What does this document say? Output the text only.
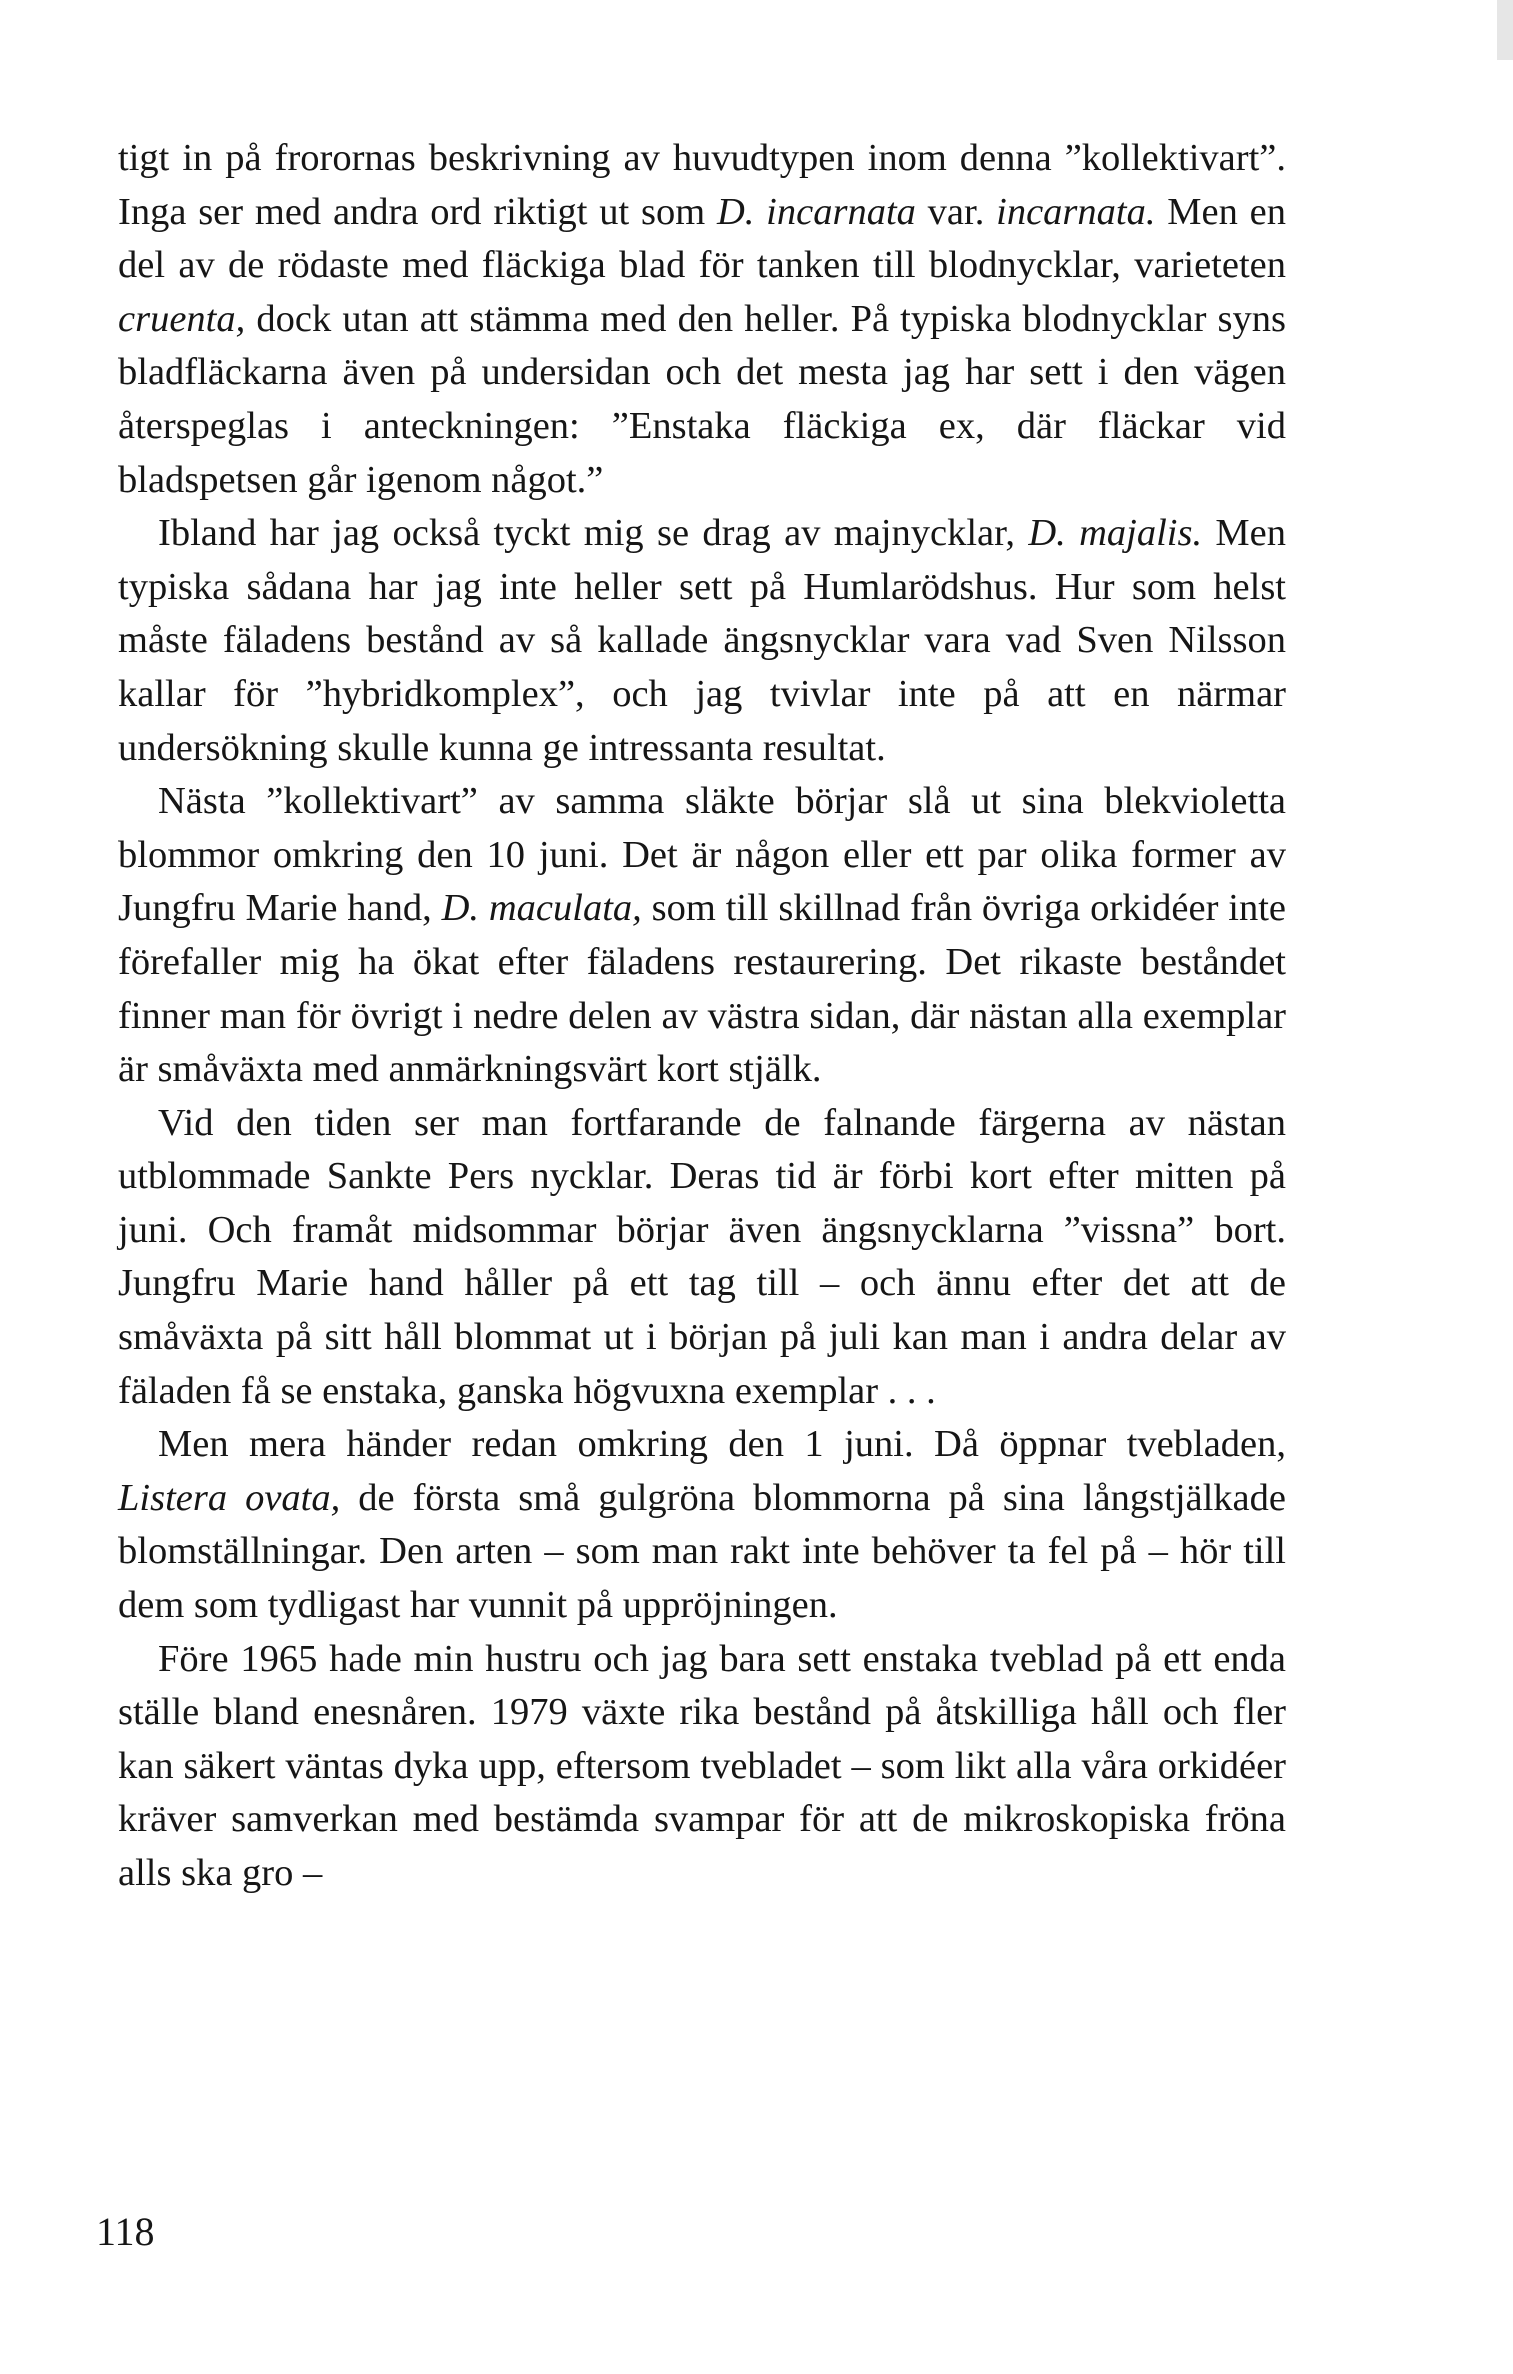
tigt in på frorornas beskrivning av huvudtypen inom denna ”kollektivart”. Inga ser med andra ord riktigt ut som D. incarnata var. incarnata. Men en del av de rödaste med fläckiga blad för tanken till blodnycklar, varieteten cruenta, dock utan att stämma med den heller. På typiska blodnycklar syns bladfläckarna även på undersidan och det mesta jag har sett i den vägen återspeglas i anteckningen: ”Enstaka fläckiga ex, där fläckar vid bladspetsen går igenom något.”

Ibland har jag också tyckt mig se drag av majnycklar, D. majalis. Men typiska sådana har jag inte heller sett på Humlarödshus. Hur som helst måste fäladens bestånd av så kallade ängsnycklar vara vad Sven Nilsson kallar för ”hybridkomplex”, och jag tvivlar inte på att en närmar undersökning skulle kunna ge intressanta resultat.

Nästa ”kollektivart” av samma släkte börjar slå ut sina blekvioletta blommor omkring den 10 juni. Det är någon eller ett par olika former av Jungfru Marie hand, D. maculata, som till skillnad från övriga orkidéer inte förefaller mig ha ökat efter fäladens restaurering. Det rikaste beståndet finner man för övrigt i nedre delen av västra sidan, där nästan alla exemplar är småväxta med anmärkningsvärt kort stjälk.

Vid den tiden ser man fortfarande de falnande färgerna av nästan utblommade Sankte Pers nycklar. Deras tid är förbi kort efter mitten på juni. Och framåt midsommar börjar även ängsnycklarna ”vissna” bort. Jungfru Marie hand håller på ett tag till – och ännu efter det att de småväxta på sitt håll blommat ut i början på juli kan man i andra delar av fäladen få se enstaka, ganska högvuxna exemplar . . .

Men mera händer redan omkring den 1 juni. Då öppnar tvebladen, Listera ovata, de första små gulgröna blommorna på sina långstjälkade blomställningar. Den arten – som man rakt inte behöver ta fel på – hör till dem som tydligast har vunnit på uppröjningen.

Före 1965 hade min hustru och jag bara sett enstaka tveblad på ett enda ställe bland enesnåren. 1979 växte rika bestånd på åtskilliga håll och fler kan säkert väntas dyka upp, eftersom tvebladet – som likt alla våra orkidéer kräver samverkan med bestämda svampar för att de mikroskopiska fröna alls ska gro –

118
